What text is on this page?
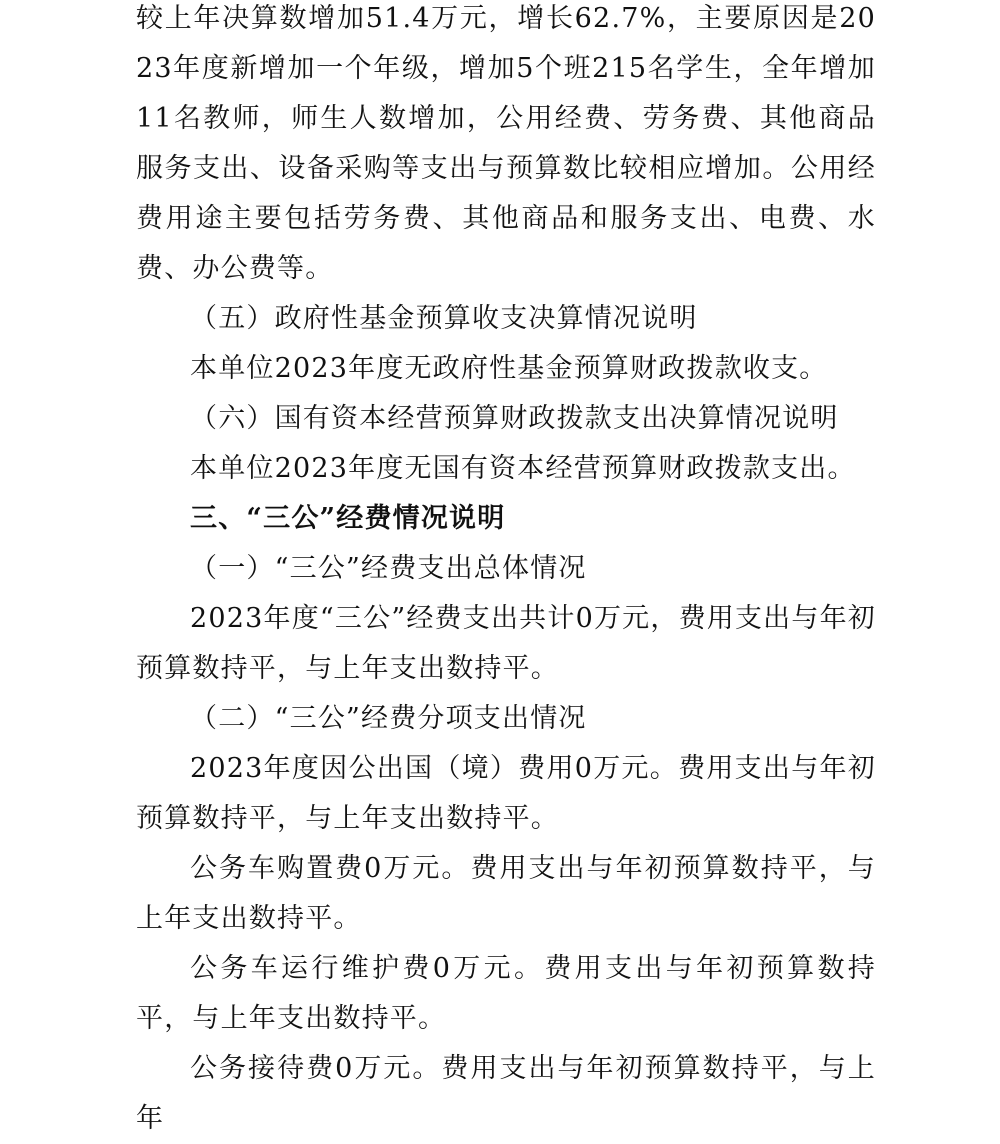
较上年决算数增加51.4万元，增长62.7%，主要原因是2023年度新增加一个年级，增加5个班215名学生，全年增加11名教师，师生人数增加，公用经费、劳务费、其他商品服务支出、设备采购等支出与预算数比较相应增加。公用经费用途主要包括劳务费、其他商品和服务支出、电费、水费、办公费等。

（五）政府性基金预算收支决算情况说明

本单位2023年度无政府性基金预算财政拨款收支。

（六）国有资本经营预算财政拨款支出决算情况说明

本单位2023年度无国有资本经营预算财政拨款支出。

三、“三公”经费情况说明

（一）“三公”经费支出总体情况

2023年度“三公”经费支出共计0万元，费用支出与年初预算数持平，与上年支出数持平。

（二）“三公”经费分项支出情况

2023年度因公出国（境）费用0万元。费用支出与年初预算数持平，与上年支出数持平。

公务车购置费0万元。费用支出与年初预算数持平，与上年支出数持平。

公务车运行维护费0万元。费用支出与年初预算数持平，与上年支出数持平。

公务接待费0万元。费用支出与年初预算数持平，与上年
